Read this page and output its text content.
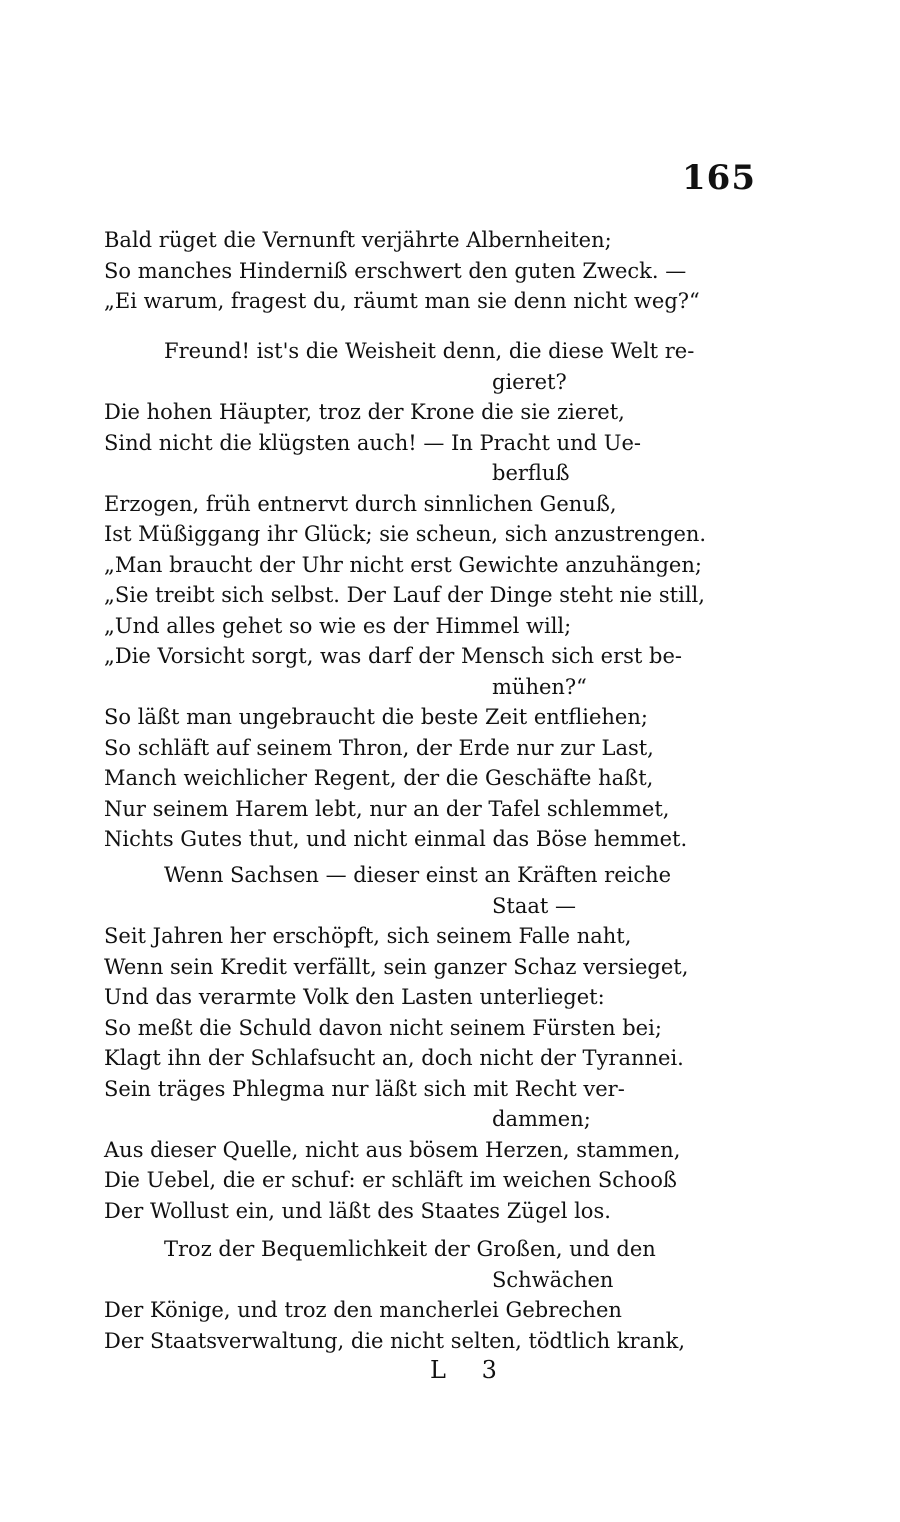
165
Bald rüget die Vernunft verjährte Albernheiten;
So manches Hinderniß erschwert den guten Zweck. —
„Ei warum, fragest du, räumt man sie denn nicht weg?“
Freund! ist's die Weisheit denn, die diese Welt re-
gieret?
Die hohen Häupter, troz der Krone die sie zieret,
Sind nicht die klügsten auch! — In Pracht und Ue-
berfluß
Erzogen, früh entnervt durch sinnlichen Genuß,
Ist Müßiggang ihr Glück; sie scheun, sich anzustrengen.
„Man braucht der Uhr nicht erst Gewichte anzuhängen;
„Sie treibt sich selbst. Der Lauf der Dinge steht nie still,
„Und alles gehet so wie es der Himmel will;
„Die Vorsicht sorgt, was darf der Mensch sich erst be-
mühen?“
So läßt man ungebraucht die beste Zeit entfliehen;
So schläft auf seinem Thron, der Erde nur zur Last,
Manch weichlicher Regent, der die Geschäfte haßt,
Nur seinem Harem lebt, nur an der Tafel schlemmet,
Nichts Gutes thut, und nicht einmal das Böse hemmet.
Wenn Sachsen — dieser einst an Kräften reiche
Staat —
Seit Jahren her erschöpft, sich seinem Falle naht,
Wenn sein Kredit verfällt, sein ganzer Schaz versieget,
Und das verarmte Volk den Lasten unterlieget:
So meßt die Schuld davon nicht seinem Fürsten bei;
Klagt ihn der Schlafsucht an, doch nicht der Tyrannei.
Sein träges Phlegma nur läßt sich mit Recht ver-
dammen;
Aus dieser Quelle, nicht aus bösem Herzen, stammen,
Die Uebel, die er schuf: er schläft im weichen Schooß
Der Wollust ein, und läßt des Staates Zügel los.
Troz der Bequemlichkeit der Großen, und den
Schwächen
Der Könige, und troz den mancherlei Gebrechen
Der Staatsverwaltung, die nicht selten, tödtlich krank,
L 3
